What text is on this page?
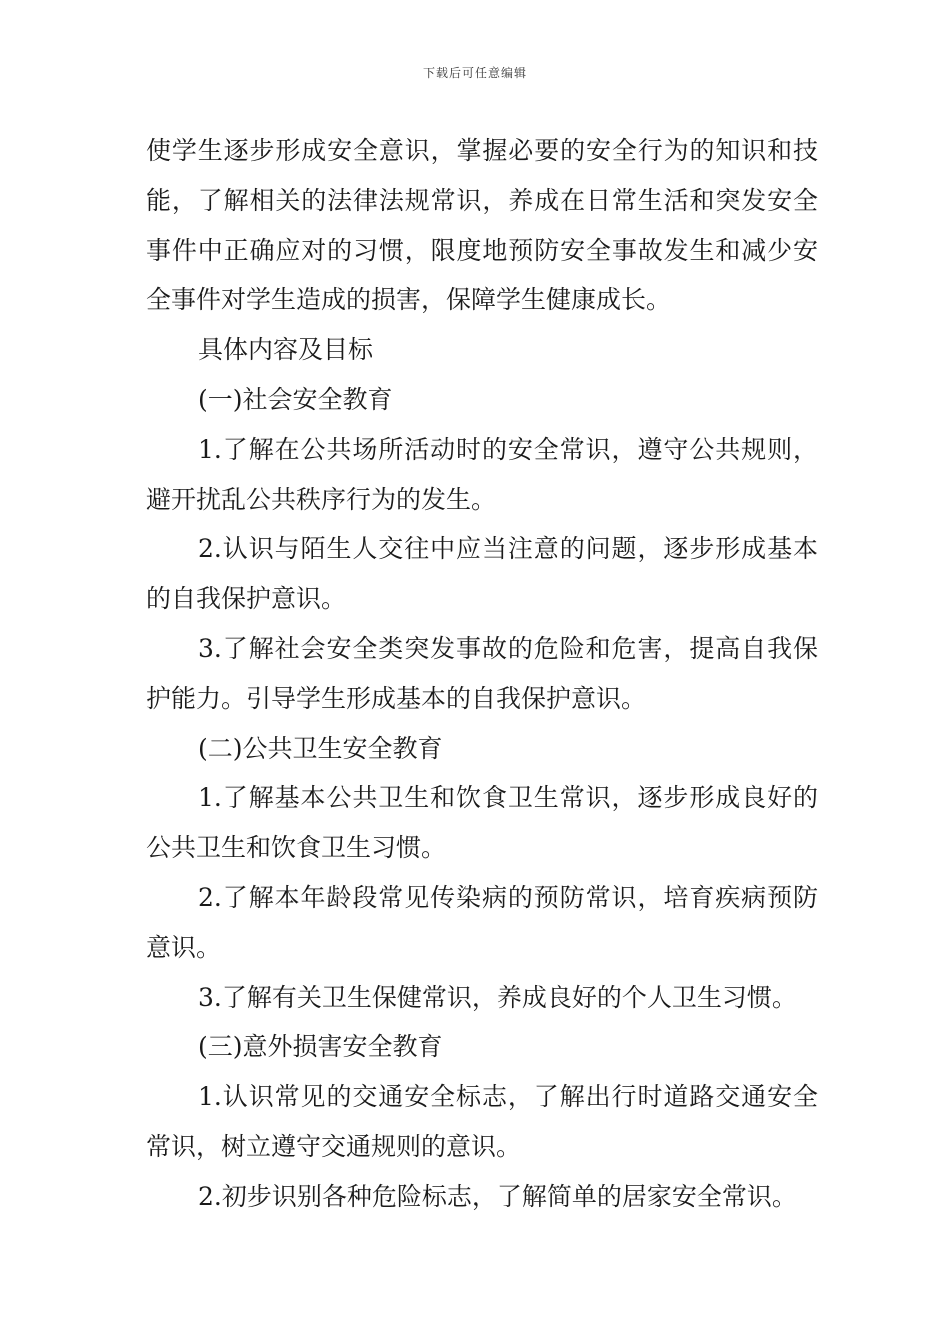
下载后可任意编辑

使学生逐步形成安全意识，掌握必要的安全行为的知识和技能，了解相关的法律法规常识，养成在日常生活和突发安全事件中正确应对的习惯，限度地预防安全事故发生和减少安全事件对学生造成的损害，保障学生健康成长。

具体内容及目标

(一)社会安全教育

1.了解在公共场所活动时的安全常识，遵守公共规则，避开扰乱公共秩序行为的发生。

2.认识与陌生人交往中应当注意的问题，逐步形成基本的自我保护意识。

3.了解社会安全类突发事故的危险和危害，提高自我保护能力。引导学生形成基本的自我保护意识。

(二)公共卫生安全教育

1.了解基本公共卫生和饮食卫生常识，逐步形成良好的公共卫生和饮食卫生习惯。

2.了解本年龄段常见传染病的预防常识，培育疾病预防意识。

3.了解有关卫生保健常识，养成良好的个人卫生习惯。

(三)意外损害安全教育

1.认识常见的交通安全标志，了解出行时道路交通安全常识，树立遵守交通规则的意识。

2.初步识别各种危险标志，了解简单的居家安全常识。
